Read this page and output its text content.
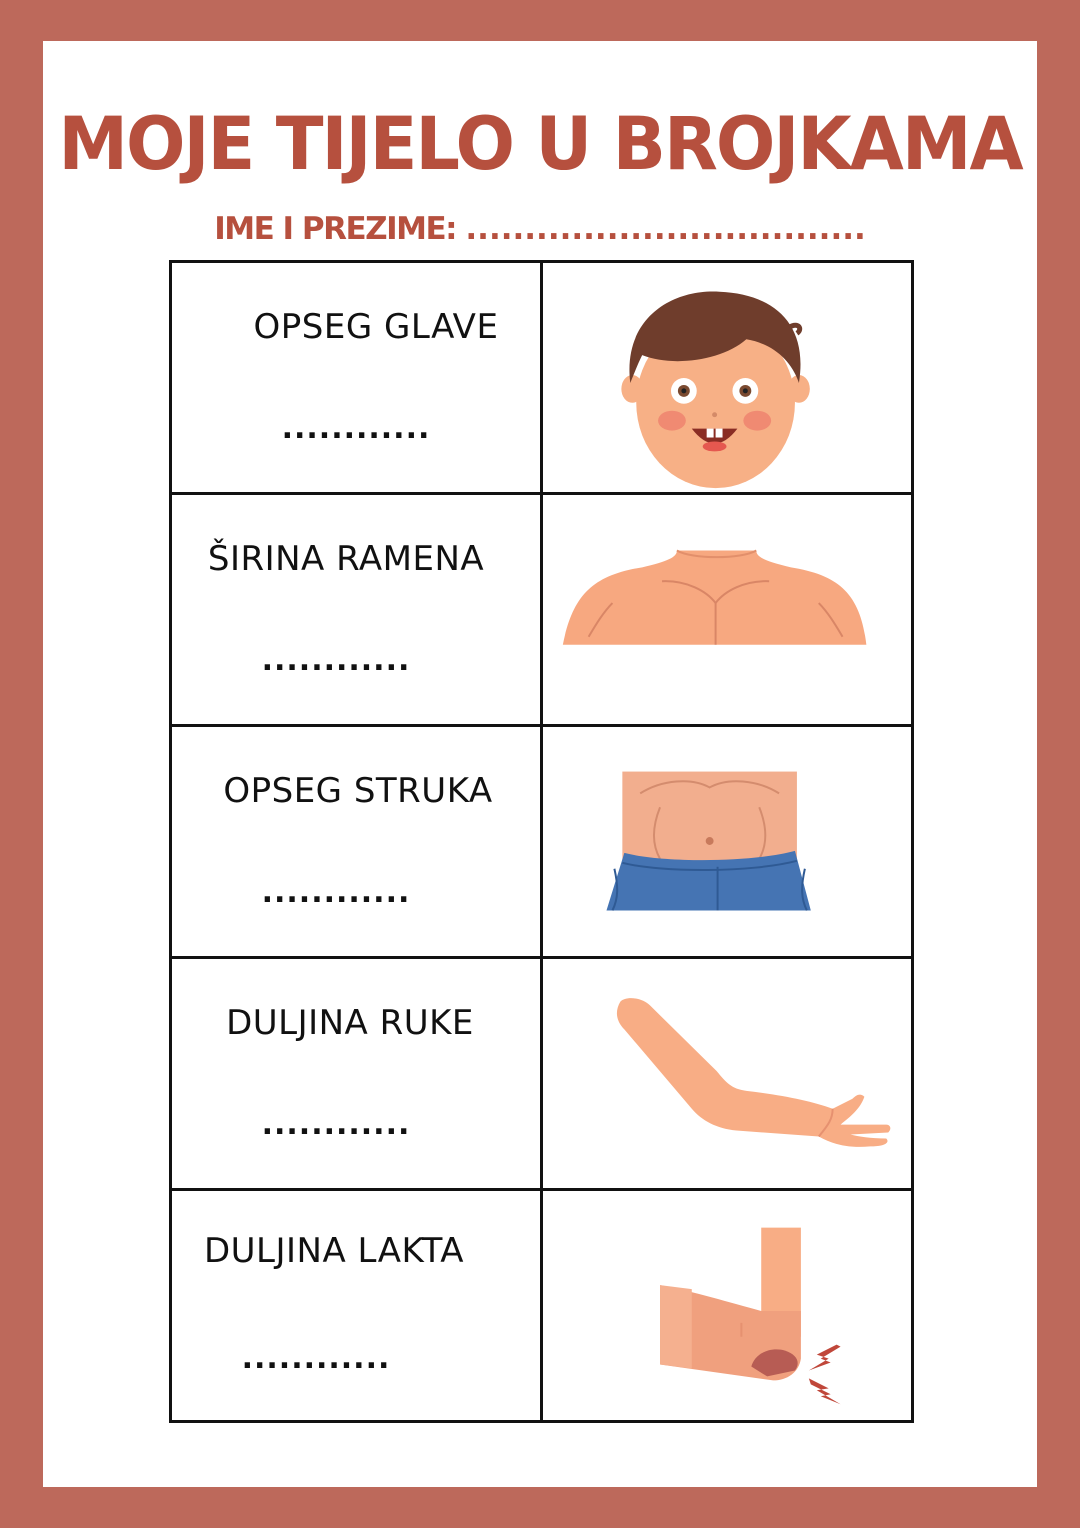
MOJE TIJELO U BROJKAMA
IME I PREZIME: ..................................
OPSEG GLAVE
............

ŠIRINA RAMENA
............

OPSEG STRUKA
............

DULJINA RUKE
............

DULJINA LAKTA
............
